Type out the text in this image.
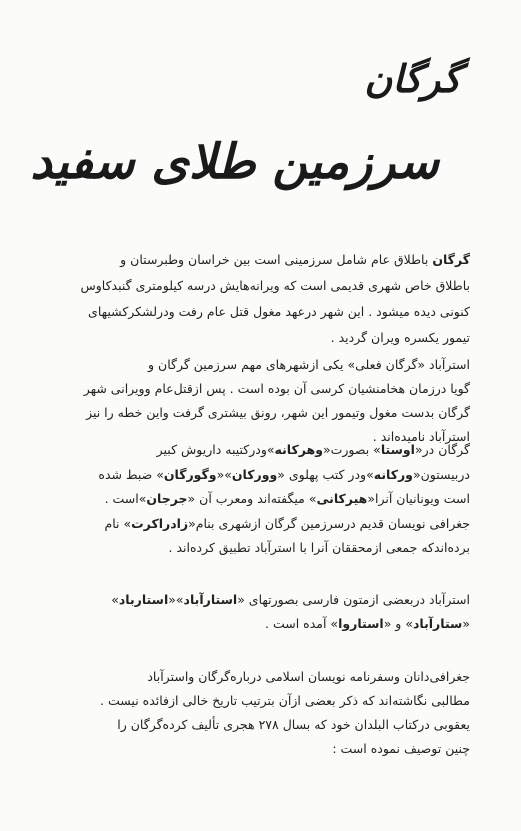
گرگان
سرزمین طلای سفید
گرگان باطلاق عام شامل سرزمینی است بین خراسان وطبرستان و
باطلاق خاص شهری قدیمی است که ویرانه‌هایش درسه کیلومتری گنبدکاوس
کنونی دیده میشود . این شهر درعهد مغول قتل عام رفت ودرلشکرکشیهای
تیمور یکسره ویران گردید .
استرآباد «گرگان فعلی» یکی ازشهرهای مهم سرزمین گرگان و
گویا درزمان هخامنشیان کرسی آن بوده است . پس ازقتل‌عام وویرانی شهر
گرگان بدست مغول وتیمور این شهر، رونق بیشتری گرفت واین خطه را نیز
استرآباد نامیده‌اند .
گرگان در«اوستا» بصورت«وهرکانه»ودرکتیبه داریوش کبیر
دربیستون«ورکانه»ودر کتب پهلوی «وورکان»«وگورگان» ضبط شده
است ویونانیان آنرا«هیرکانی» میگفته‌اند ومعرب آن «جرجان»است .
جغرافی نویسان قدیم درسرزمین گرگان ازشهری بنام«زادراکرت» نام
برده‌اندکه جمعی ازمحققان آنرا با استرآباد تطبیق کرده‌اند .
استرآباد دربعضی ازمتون فارسی بصورتهای «استارآباد»«استارباد»
«ستارآباد» و «استاروا» آمده است .
جغرافی‌دانان وسفرنامه نویسان اسلامی درباره‌گرگان واسترآباد
مطالبی نگاشته‌اند که ذکر بعضی ازآن بترتیب تاریخ خالی ازفائده نیست .
یعقوبی درکتاب البلدان خود که بسال ۲۷۸ هجری تألیف کرده‌گرگان را
چنین توصیف نموده است :
